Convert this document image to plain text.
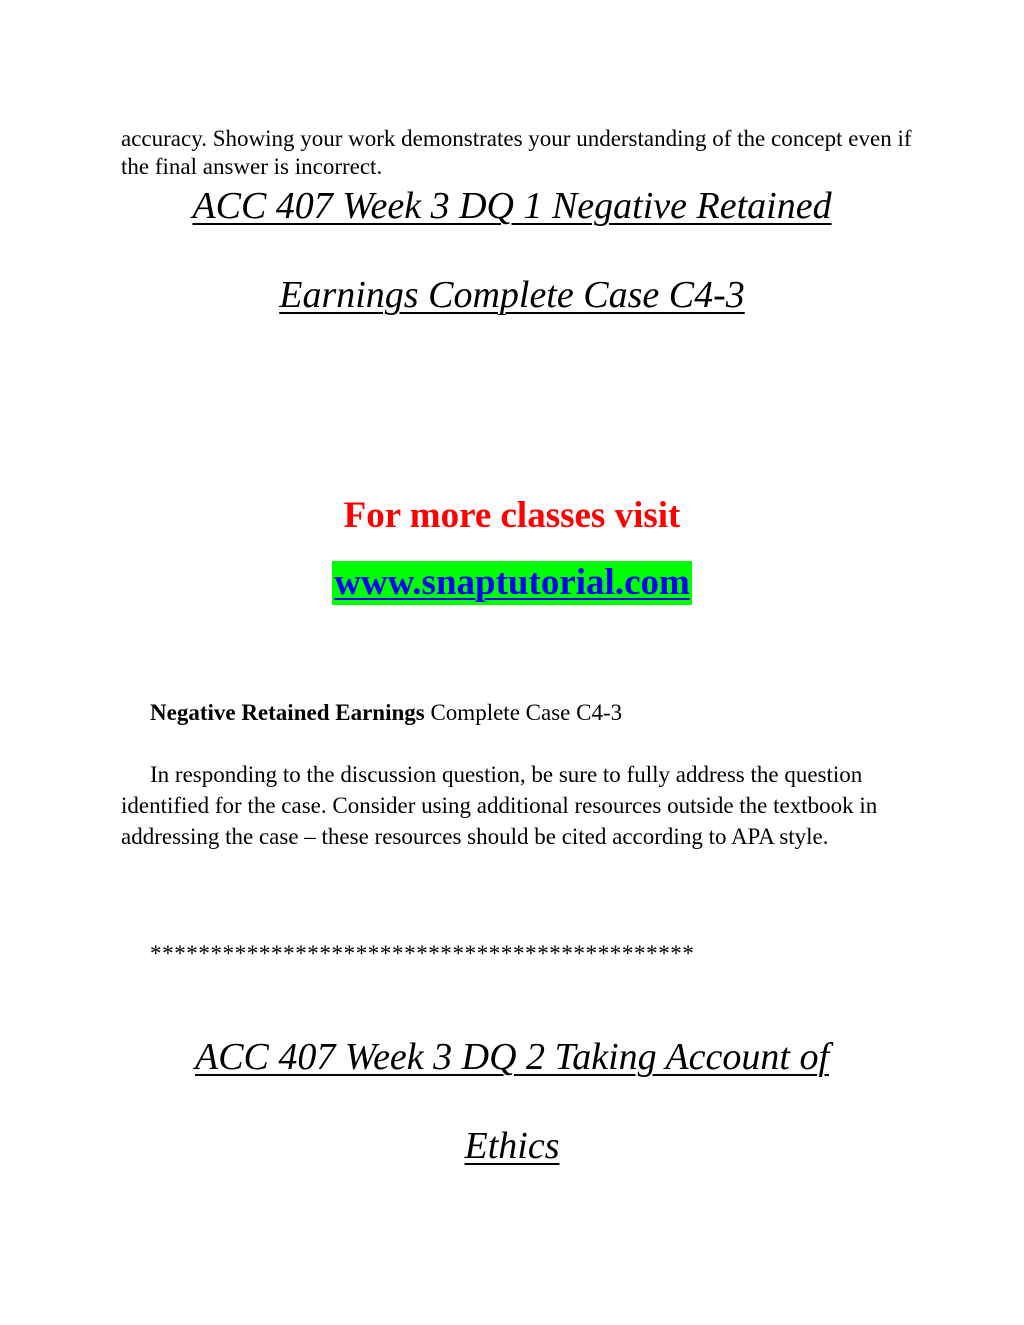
accuracy. Showing your work demonstrates your understanding of the concept even if the final answer is incorrect.
ACC 407 Week 3 DQ 1 Negative Retained
Earnings Complete Case C4-3
For more classes visit
www.snaptutorial.com
Negative Retained Earnings Complete Case C4-3
In responding to the discussion question, be sure to fully address the question identified for the case. Consider using additional resources outside the textbook in addressing the case – these resources should be cited according to APA style.
*********************************************
ACC 407 Week 3 DQ 2 Taking Account of
Ethics
